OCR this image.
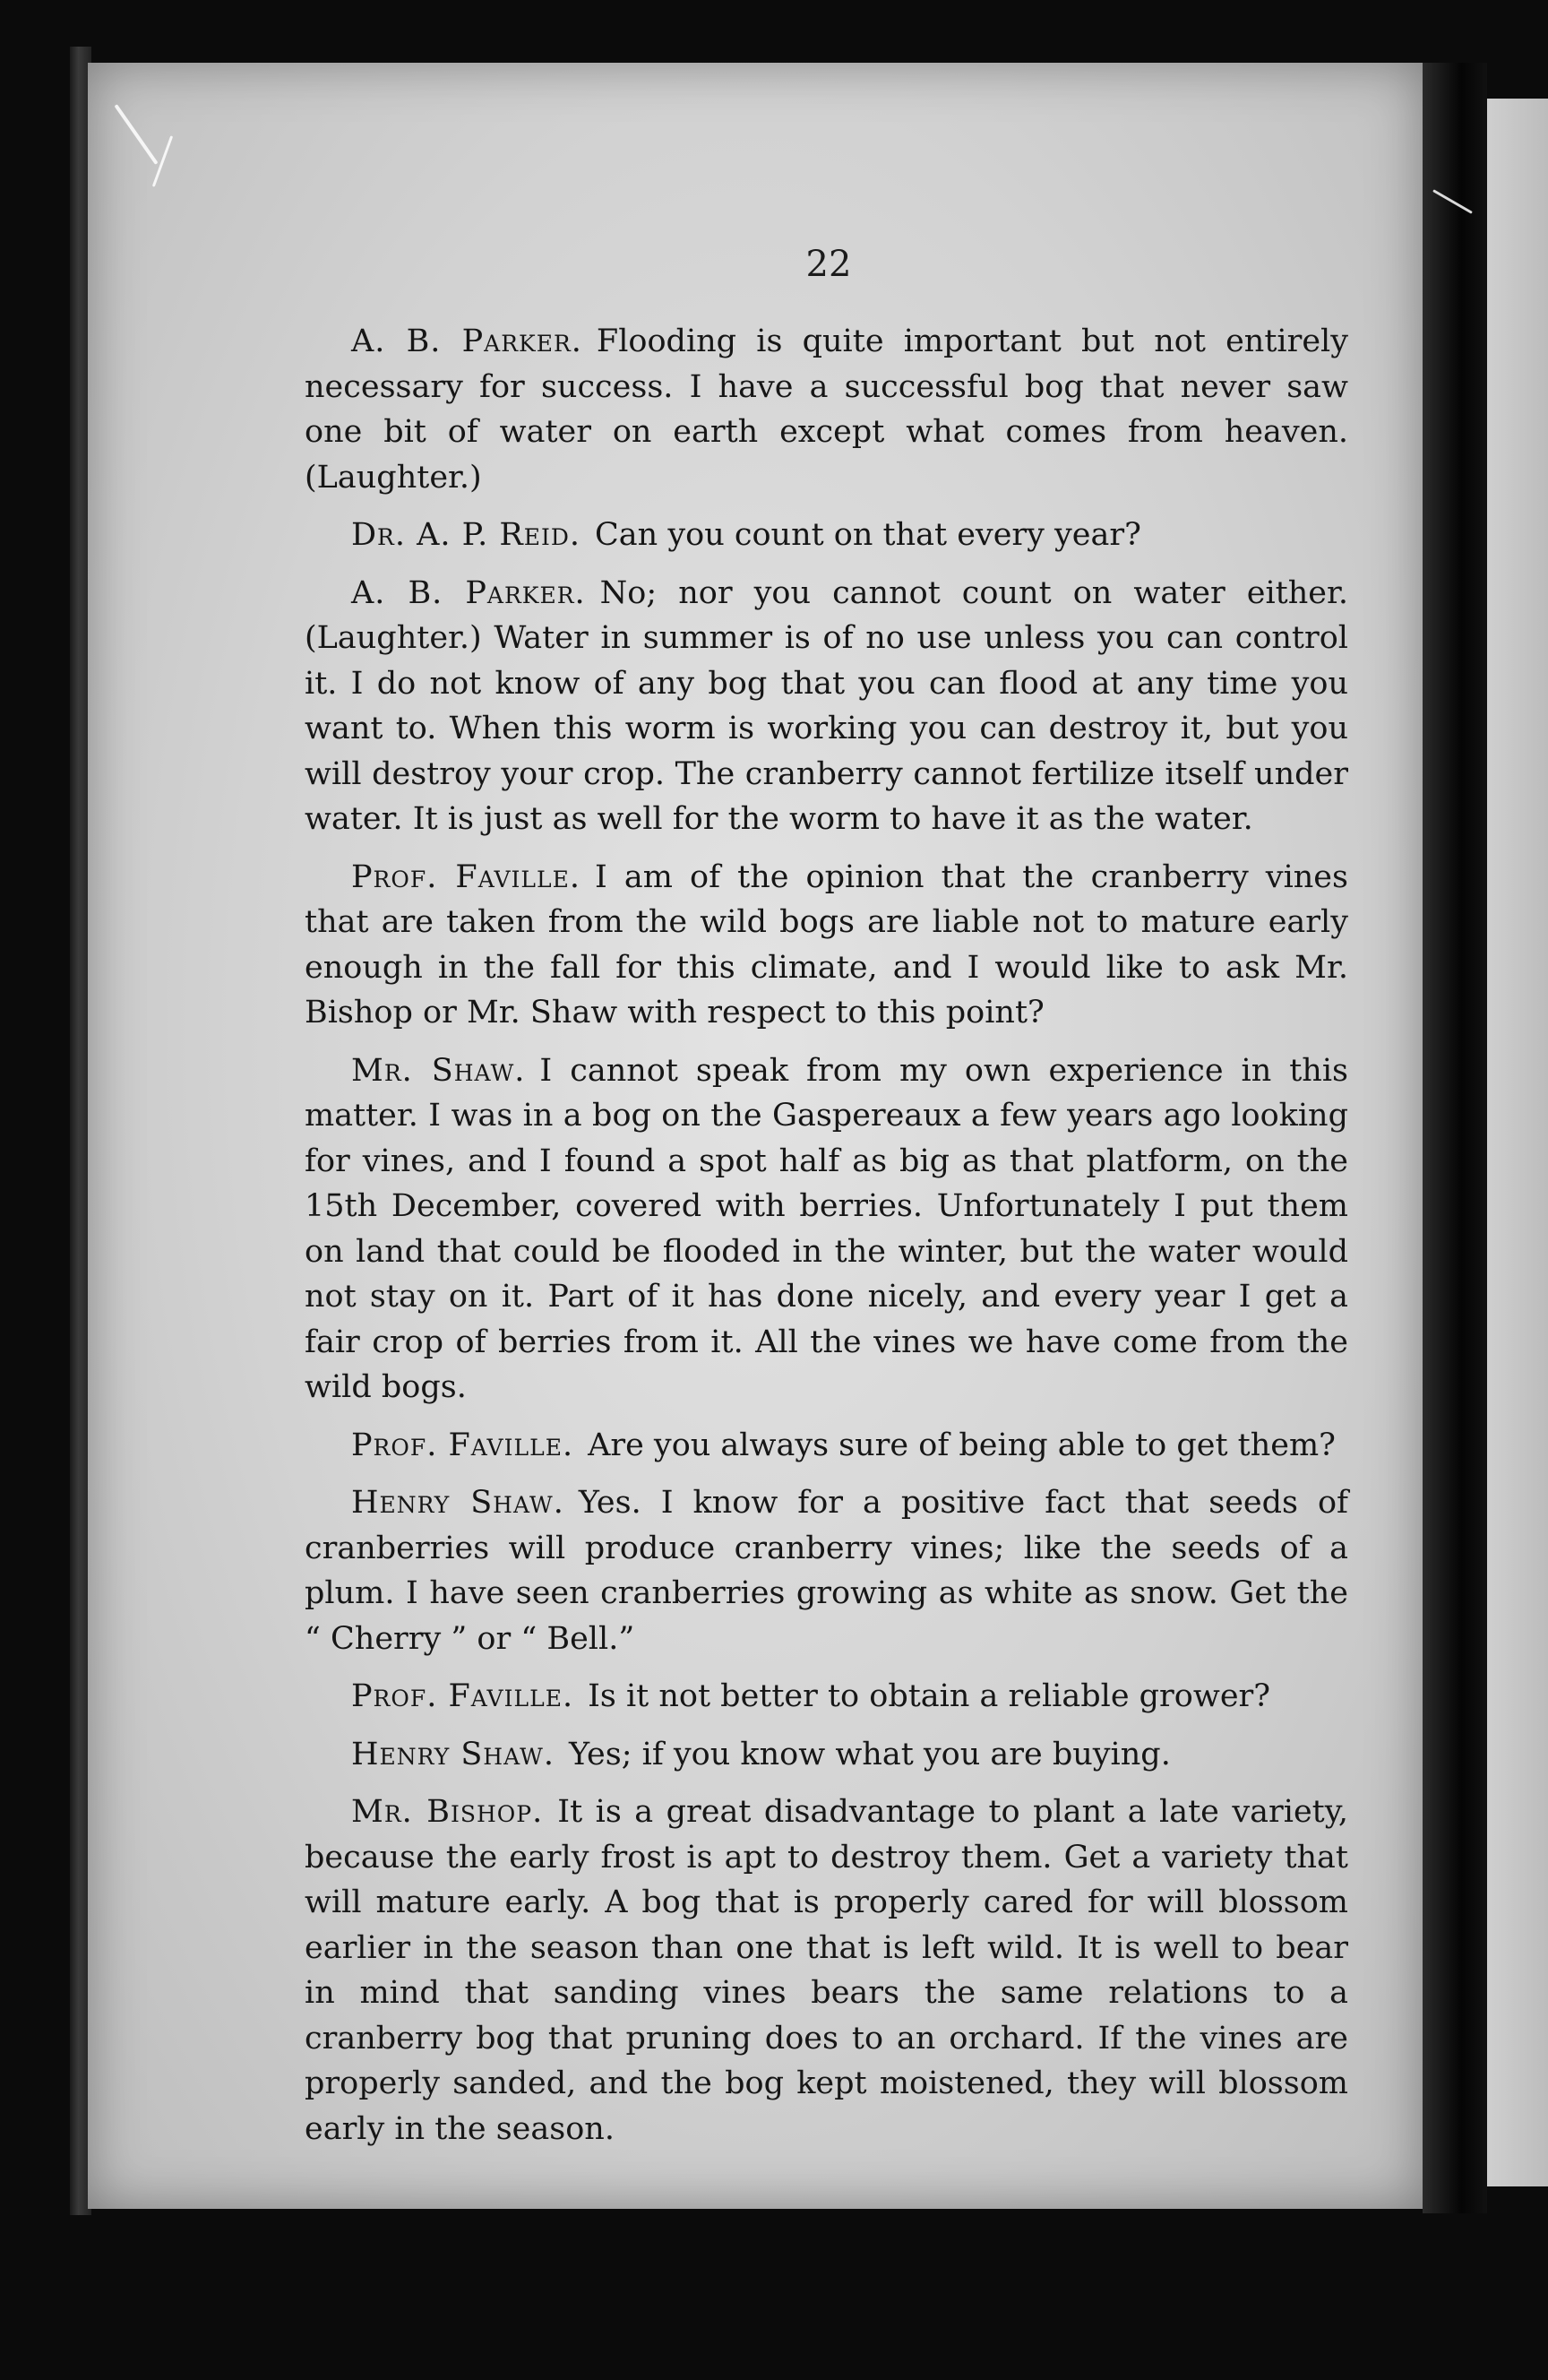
22

A. B. Parker. Flooding is quite important but not entirely necessary for success. I have a successful bog that never saw one bit of water on earth except what comes from heaven. (Laughter.)

Dr. A. P. Reid. Can you count on that every year?

A. B. Parker. No; nor you cannot count on water either. (Laughter.) Water in summer is of no use unless you can control it. I do not know of any bog that you can flood at any time you want to. When this worm is working you can destroy it, but you will destroy your crop. The cranberry cannot fertilize itself under water. It is just as well for the worm to have it as the water.

Prof. Faville. I am of the opinion that the cranberry vines that are taken from the wild bogs are liable not to mature early enough in the fall for this climate, and I would like to ask Mr. Bishop or Mr. Shaw with respect to this point?

Mr. Shaw. I cannot speak from my own experience in this matter. I was in a bog on the Gaspereaux a few years ago looking for vines, and I found a spot half as big as that platform, on the 15th December, covered with berries. Unfortunately I put them on land that could be flooded in the winter, but the water would not stay on it. Part of it has done nicely, and every year I get a fair crop of berries from it. All the vines we have come from the wild bogs.

Prof. Faville. Are you always sure of being able to get them?

Henry Shaw. Yes. I know for a positive fact that seeds of cranberries will produce cranberry vines; like the seeds of a plum. I have seen cranberries growing as white as snow. Get the “ Cherry ” or “ Bell.”

Prof. Faville. Is it not better to obtain a reliable grower?

Henry Shaw. Yes; if you know what you are buying.

Mr. Bishop. It is a great disadvantage to plant a late variety, because the early frost is apt to destroy them. Get a variety that will mature early. A bog that is properly cared for will blossom earlier in the season than one that is left wild. It is well to bear in mind that sanding vines bears the same relations to a cranberry bog that pruning does to an orchard. If the vines are properly sanded, and the bog kept moistened, they will blossom early in the season.
